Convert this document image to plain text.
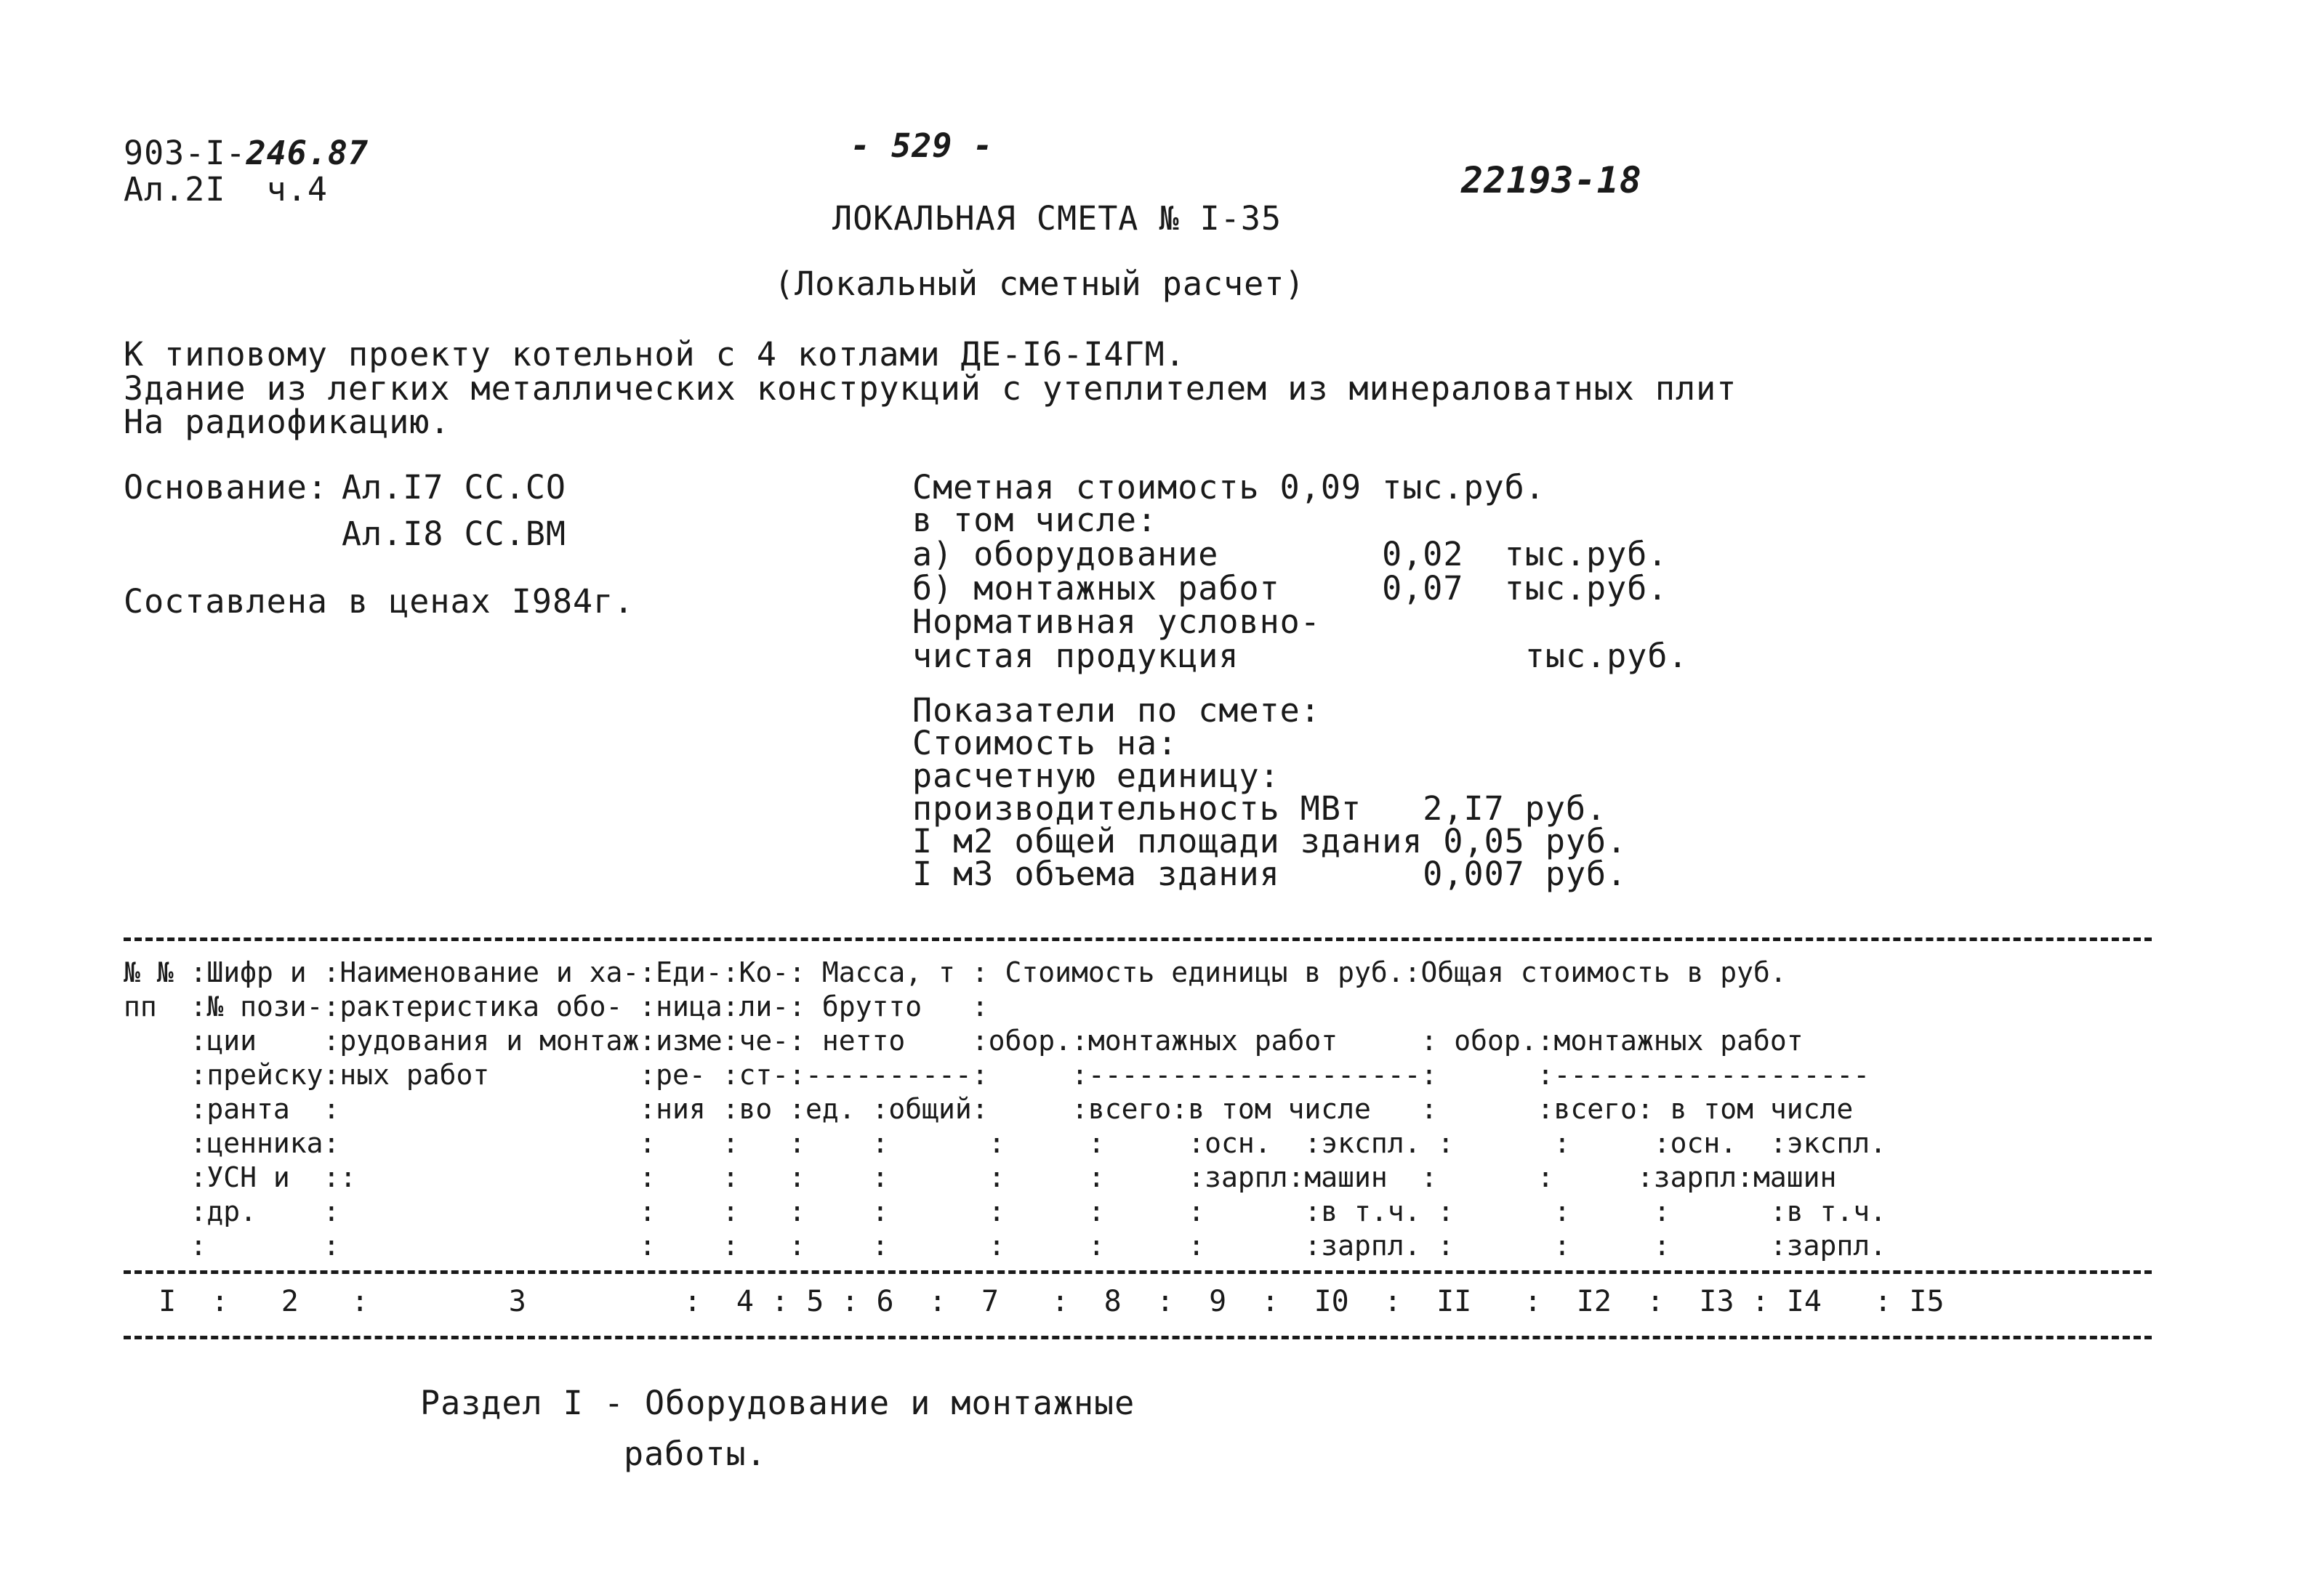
903-I-246.87
Ал.2I  ч.4
- 529 -
22193-18
ЛОКАЛЬНАЯ СМЕТА № I-35
(Локальный сметный расчет)
К типовому проекту котельной с 4 котлами ДЕ-I6-I4ГМ.
Здание из легких металлических конструкций с утеплителем из минераловатных плит
На радиофикацию.
Основание: Ал.I7 СС.СО
Ал.I8 СС.ВМ
Составлена в ценах I984г.
Сметная стоимость 0,09 тыс.руб.
в том числе:
а) оборудование        0,02  тыс.руб.
б) монтажных работ     0,07  тыс.руб.
Нормативная условно-
чистая продукция              тыс.руб.
Показатели по смете:
Стоимость на:
расчетную единицу:
производительность МВт   2,I7 руб.
I м2 общей площади здания 0,05 руб.
I м3 объема здания       0,007 руб.
№ № :Шифр и :Наименование и ха-:Еди-:Ко-: Масса, т : Стоимость единицы в руб.:Общая стоимость в руб.
пп  :№ пози-:рактеристика обо- :ница:ли-: брутто   :
:ции    :рудования и монтаж:изме:че-: нетто    :обор.:монтажных работ     : обор.:монтажных работ
:прейску:ных работ         :ре- :ст-:----------:     :--------------------:      :-------------------
:ранта  :                  :ния :во :ед. :общий:     :всего:в том числе   :      :всего: в том числе
:ценника:                  :    :   :    :      :     :     :осн.  :экспл. :      :     :осн.  :экспл.
:УСН и  ::                 :    :   :    :      :     :     :зарпл:машин  :      :     :зарпл:машин
:др.    :                  :    :   :    :      :     :     :      :в т.ч. :      :     :      :в т.ч.
:       :                  :    :   :    :      :     :     :      :зарпл. :      :     :      :зарпл.
I  :   2   :        3         :  4 : 5 : 6  :  7   :  8  :  9  :  I0  :  II   :  I2  :  I3 : I4   : I5
Раздел I - Оборудование и монтажные
работы.
